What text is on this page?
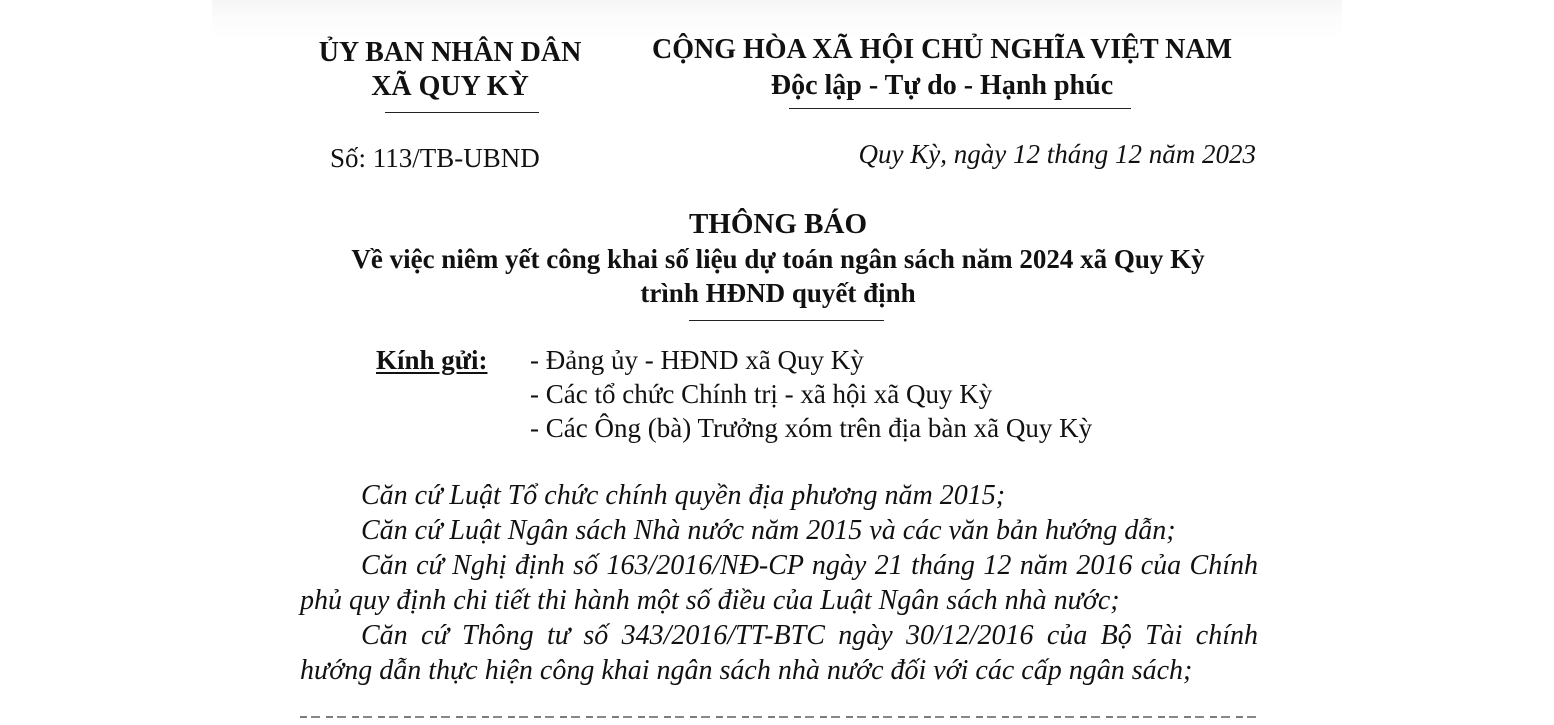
ỦY BAN NHÂN DÂN
XÃ QUY KỲ
CỘNG HÒA XÃ HỘI CHỦ NGHĨA VIỆT NAM
Độc lập - Tự do - Hạnh phúc
Số: 113/TB-UBND	Quy Kỳ, ngày 12 tháng 12 năm 2023
THÔNG BÁO
Về việc niêm yết công khai số liệu dự toán ngân sách năm 2024 xã Quy Kỳ
trình HĐND quyết định
Kính gửi: - Đảng ủy - HĐND xã Quy Kỳ
- Các tổ chức Chính trị - xã hội xã Quy Kỳ
- Các Ông (bà) Trưởng xóm trên địa bàn xã Quy Kỳ

Căn cứ Luật Tổ chức chính quyền địa phương năm 2015;

Căn cứ Luật Ngân sách Nhà nước năm 2015 và các văn bản hướng dẫn;

Căn cứ Nghị định số 163/2016/NĐ-CP ngày 21 tháng 12 năm 2016 của Chính phủ quy định chi tiết thi hành một số điều của Luật Ngân sách nhà nước;

Căn cứ Thông tư số 343/2016/TT-BTC ngày 30/12/2016 của Bộ Tài chính hướng dẫn thực hiện công khai ngân sách nhà nước đối với các cấp ngân sách;
